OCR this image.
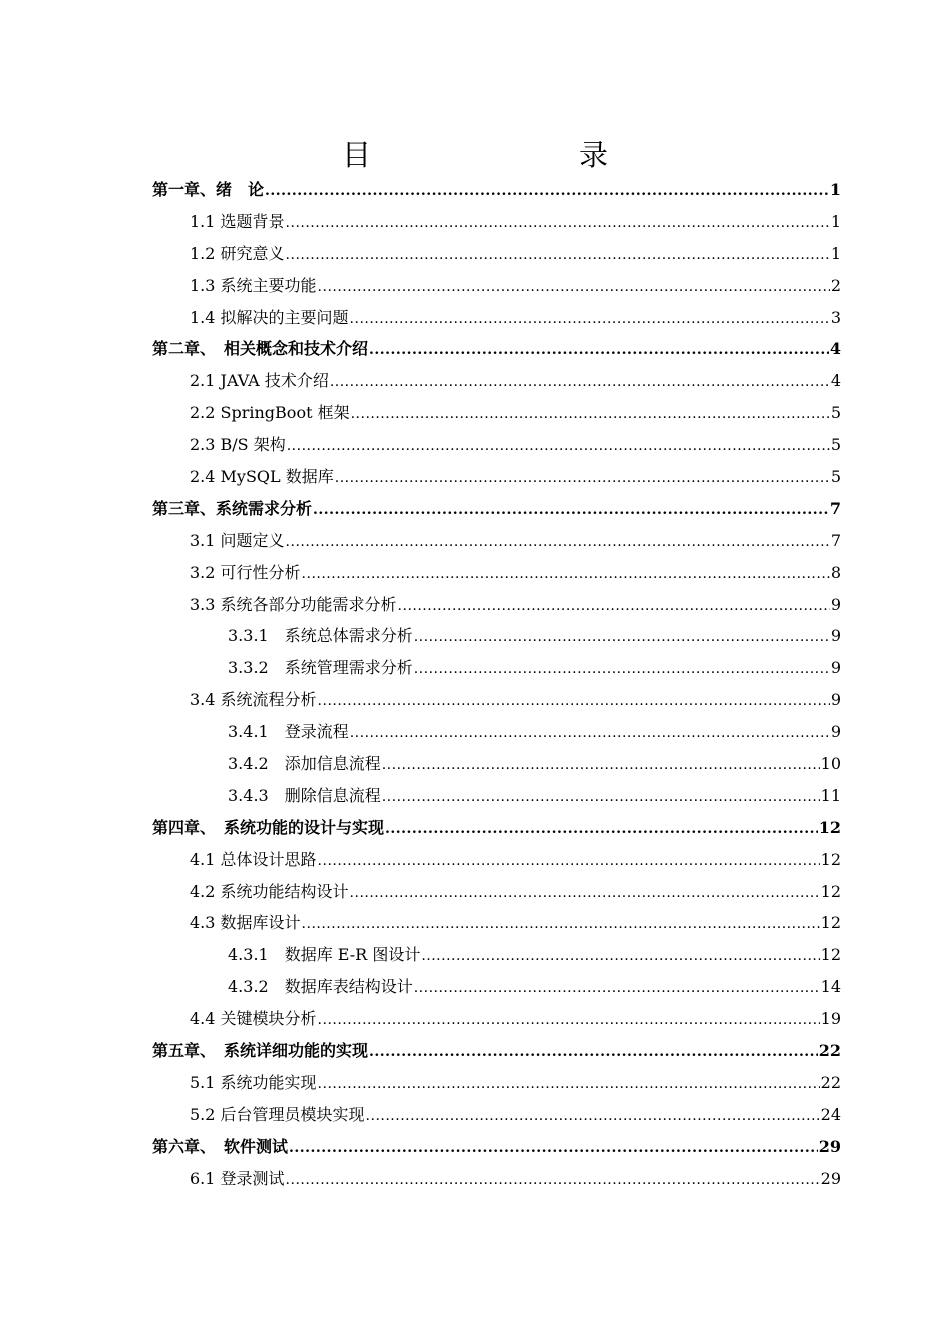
目　　录
第一章、绪　论 .....	1
1.1 选题背景 .....	1
1.2 研究意义 .....	1
1.3 系统主要功能 .....	2
1.4 拟解决的主要问题 .....	3
第二章、　相关概念和技术介绍 .....	4
2.1 JAVA 技术介绍 .....	4
2.2 SpringBoot 框架 .....	5
2.3 B/S 架构 .....	5
2.4 MySQL 数据库 .....	5
第三章、系统需求分析 .....	7
3.1 问题定义 .....	7
3.2 可行性分析 .....	8
3.3 系统各部分功能需求分析 .....	9
3.3.1　系统总体需求分析 .....	9
3.3.2　系统管理需求分析 .....	9
3.4 系统流程分析 .....	9
3.4.1　登录流程 .....	9
3.4.2　添加信息流程 .....	10
3.4.3　删除信息流程 .....	11
第四章、　系统功能的设计与实现 .....	12
4.1 总体设计思路 .....	12
4.2 系统功能结构设计 .....	12
4.3 数据库设计 .....	12
4.3.1　数据库 E-R 图设计 .....	12
4.3.2　数据库表结构设计 .....	14
4.4 关键模块分析 .....	19
第五章、　系统详细功能的实现 .....	22
5.1 系统功能实现 .....	22
5.2 后台管理员模块实现 .....	24
第六章、　软件测试 .....	29
6.1 登录测试 .....	29
